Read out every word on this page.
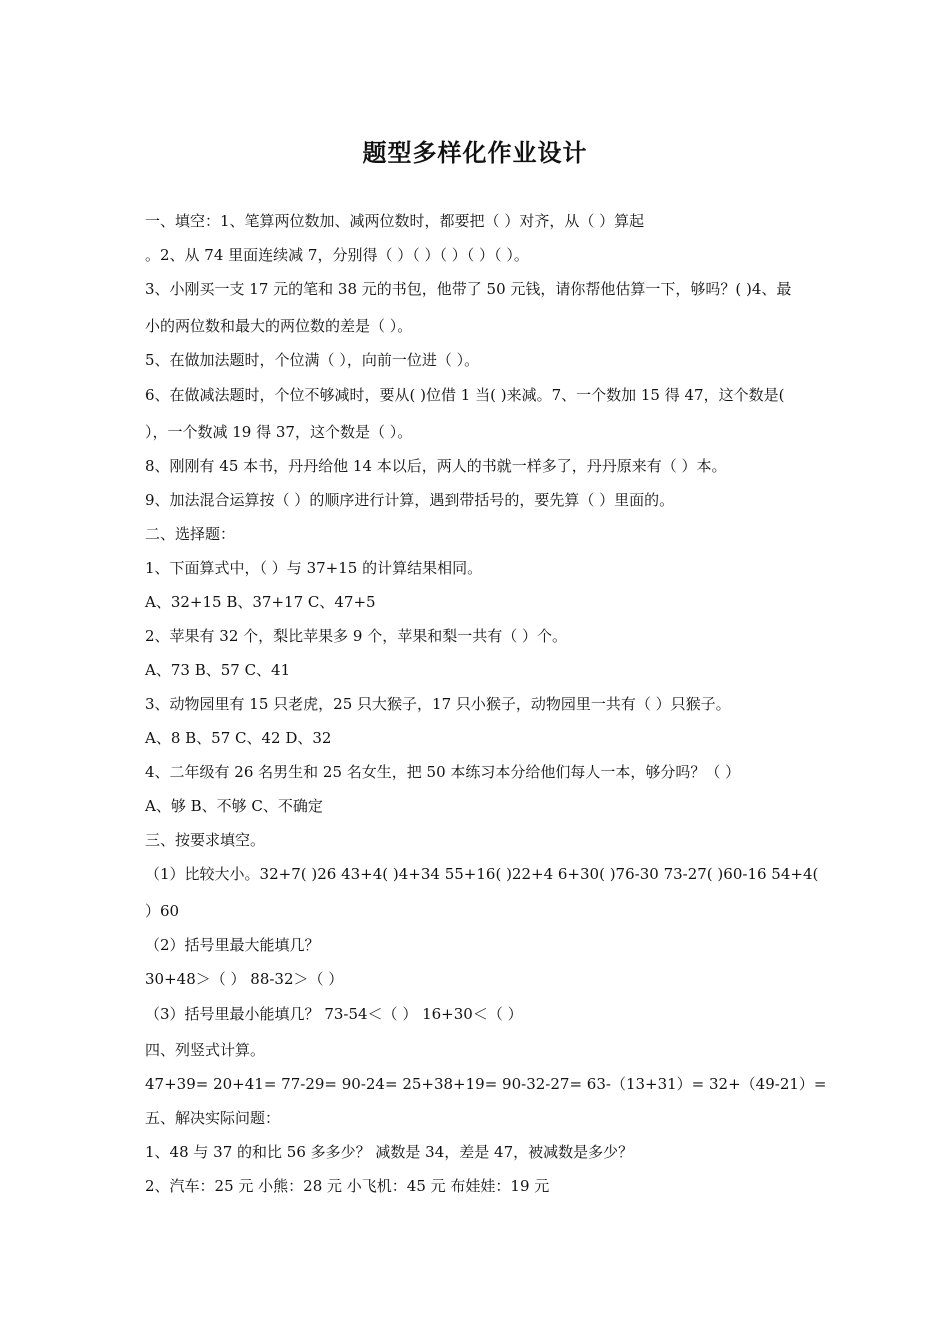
题型多样化作业设计
一、填空：1、笔算两位数加、减两位数时，都要把（ ）对齐，从（ ）算起
。2、从 74 里面连续减 7，分别得（ ）（ ）（ ）（ ）（ ）。
3、小刚买一支 17 元的笔和 38 元的书包，他带了 50 元钱，请你帮他估算一下，够吗？( )4、最
小的两位数和最大的两位数的差是（ ）。
5、在做加法题时，个位满（ ），向前一位进（ ）。
6、在做减法题时，个位不够减时，要从( )位借 1 当( )来减。7、一个数加 15 得 47，这个数是(
），一个数减 19 得 37，这个数是（ ）。
8、刚刚有 45 本书，丹丹给他 14 本以后，两人的书就一样多了，丹丹原来有（ ）本。
9、加法混合运算按（ ）的顺序进行计算，遇到带括号的，要先算（ ）里面的。
二、选择题：
1、下面算式中，（ ）与 37+15 的计算结果相同。
A、32+15 B、37+17 C、47+5
2、苹果有 32 个，梨比苹果多 9 个，苹果和梨一共有（ ）个。
A、73 B、57 C、41
3、动物园里有 15 只老虎，25 只大猴子，17 只小猴子，动物园里一共有（ ）只猴子。
A、8 B、57 C、42 D、32
4、二年级有 26 名男生和 25 名女生，把 50 本练习本分给他们每人一本，够分吗？（ ）
A、够 B、不够 C、不确定
三、按要求填空。
（1）比较大小。32+7( )26 43+4( )4+34 55+16( )22+4 6+30( )76-30 73-27( )60-16 54+4(
）60
（2）括号里最大能填几？
30+48＞（ ） 88-32＞（ ）
（3）括号里最小能填几？ 73-54＜（ ） 16+30＜（ ）
四、列竖式计算。
47+39= 20+41= 77-29= 90-24= 25+38+19= 90-32-27= 63-（13+31）= 32+（49-21）=
五、解决实际问题：
1、48 与 37 的和比 56 多多少？ 减数是 34，差是 47，被减数是多少？
2、汽车：25 元 小熊：28 元 小飞机：45 元 布娃娃：19 元
